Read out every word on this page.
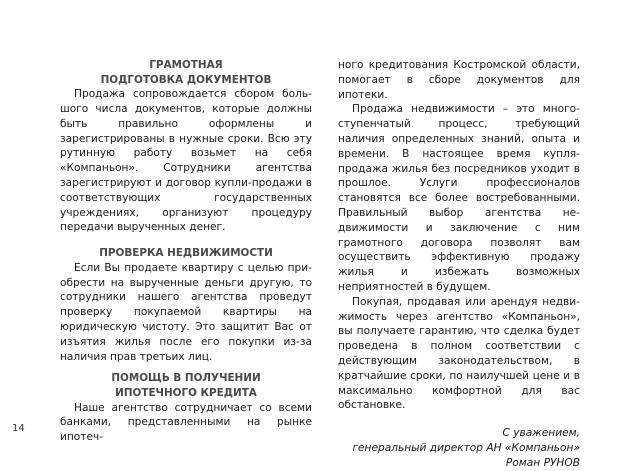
ГРАМОТНАЯ
ПОДГОТОВКА ДОКУМЕНТОВ

Продажа сопровождается сбором большого числа документов, которые должны быть правильно оформлены и зарегистрированы в нужные сроки. Всю эту рутинную работу возьмет на себя «Компаньон». Сотрудники агентства зарегистрируют и договор купли-продажи в соответствующих государственных учреждениях, организуют процедуру передачи вырученных денег.

ПРОВЕРКА НЕДВИЖИМОСТИ

Если Вы продаете квартиру с целью приобрести на вырученные деньги другую, то сотрудники нашего агентства проведут проверку покупаемой квартиры на юридическую чистоту. Это защитит Вас от изъятия жилья после его покупки из-за наличия прав третьих лиц.

ПОМОЩЬ В ПОЛУЧЕНИИ
ИПОТЕЧНОГО КРЕДИТА

Наше агентство сотрудничает со всеми банками, представленными на рынке ипотеч-

ного кредитования Костромской области, помогает в сборе документов для ипотеки.

Продажа недвижимости – это многоступенчатый процесс, требующий наличия определенных знаний, опыта и времени. В настоящее время купля-продажа жилья без посредников уходит в прошлое. Услуги профессионалов становятся все более востребованными. Правильный выбор агентства недвижимости и заключение с ним грамотного договора позволят вам осуществить эффективную продажу жилья и избежать возможных неприятностей в будущем.

Покупая, продавая или арендуя недвижимость через агентство «Компаньон», вы получаете гарантию, что сделка будет проведена в полном соответствии с действующим законодательством, в кратчайшие сроки, по наилучшей цене и в максимально комфортной для вас обстановке.

С уважением,
генеральный директор АН «Компаньон»
Роман РУНОВ
14
